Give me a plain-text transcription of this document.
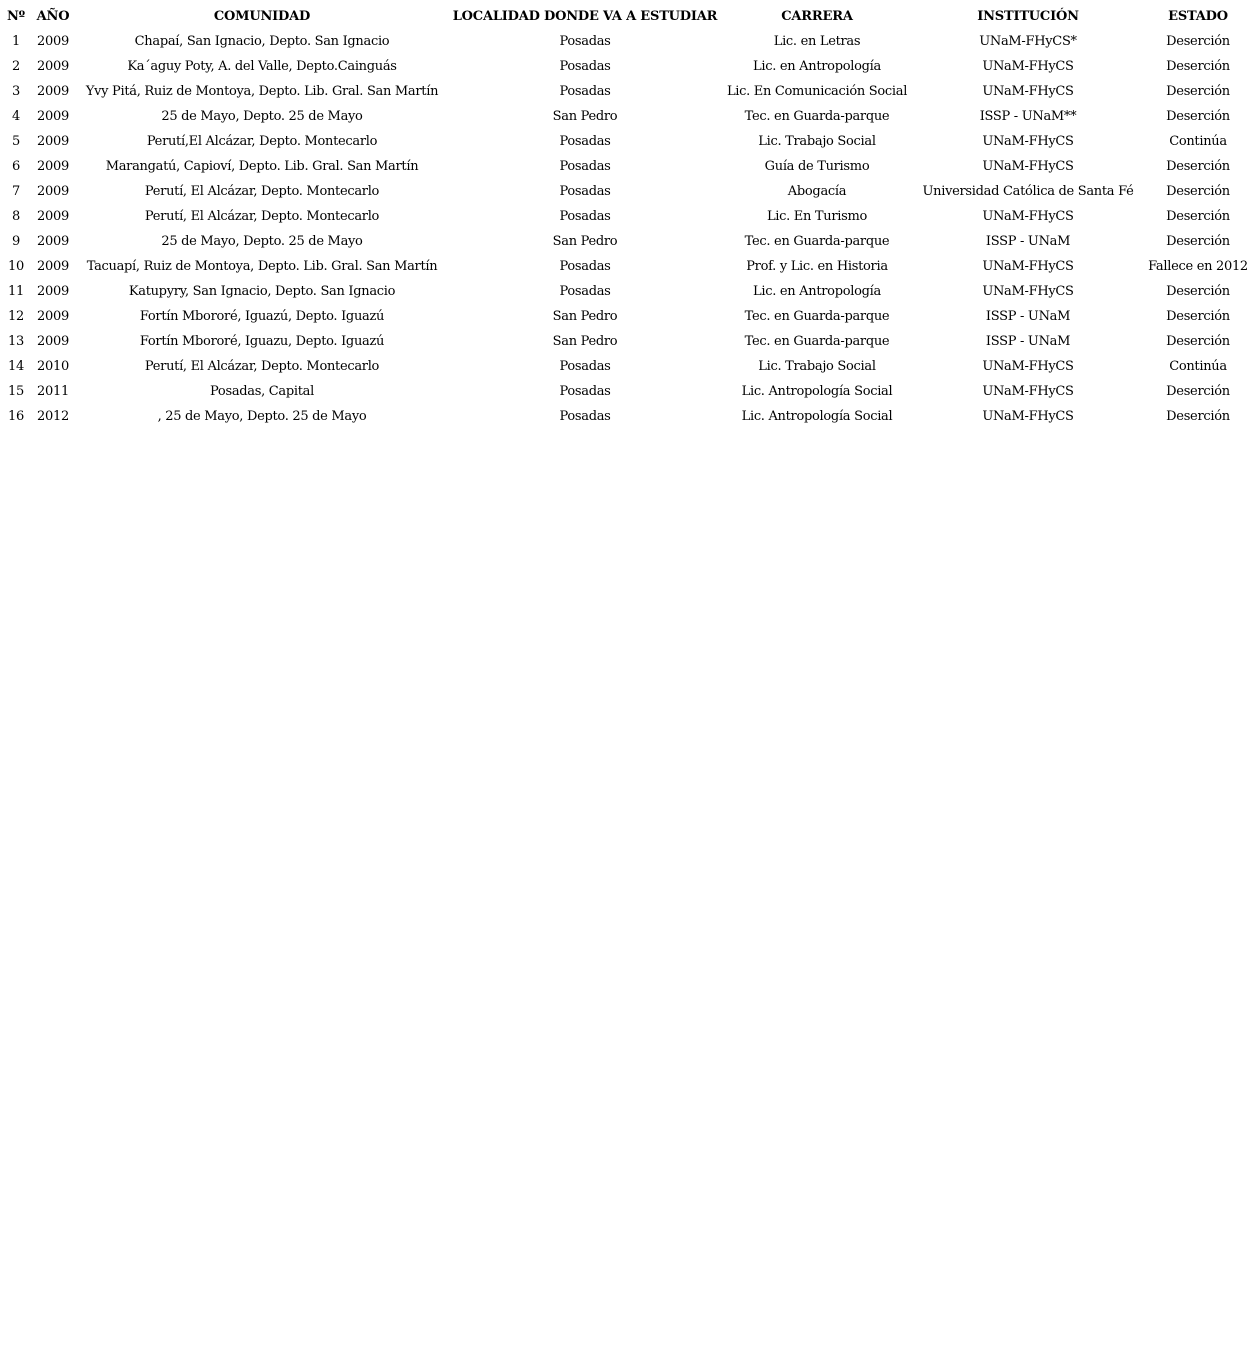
Nº	AÑO	COMUNIDAD	LOCALIDAD DONDE VA A ESTUDIAR	CARRERA	INSTITUCIÓN	ESTADO
1	2009	Chapaí, San Ignacio, Depto. San Ignacio	Posadas	Lic. en Letras	UNaM-FHyCS*	Deserción
2	2009	Ka´aguy Poty, A. del Valle, Depto.Cainguás	Posadas	Lic. en Antropología	UNaM-FHyCS	Deserción
3	2009	Yvy Pitá, Ruiz de Montoya, Depto. Lib. Gral. San Martín	Posadas	Lic. En Comunicación Social	UNaM-FHyCS	Deserción
4	2009	25 de Mayo, Depto. 25 de Mayo	San Pedro	Tec. en Guarda-parque	ISSP - UNaM**	Deserción
5	2009	Perutí,El Alcázar, Depto. Montecarlo	Posadas	Lic. Trabajo Social	UNaM-FHyCS	Continúa
6	2009	Marangatú, Capioví, Depto. Lib. Gral. San Martín	Posadas	Guía de Turismo	UNaM-FHyCS	Deserción
7	2009	Perutí, El Alcázar, Depto. Montecarlo	Posadas	Abogacía	Universidad Católica de Santa Fé	Deserción
8	2009	Perutí, El Alcázar, Depto. Montecarlo	Posadas	Lic. En Turismo	UNaM-FHyCS	Deserción
9	2009	25 de Mayo, Depto. 25 de Mayo	San Pedro	Tec. en Guarda-parque	ISSP - UNaM	Deserción
10	2009	Tacuapí, Ruiz de Montoya, Depto. Lib. Gral. San Martín	Posadas	Prof. y Lic. en Historia	UNaM-FHyCS	Fallece en 2012
11	2009	Katupyry, San Ignacio, Depto. San Ignacio	Posadas	Lic. en Antropología	UNaM-FHyCS	Deserción
12	2009	Fortín Mbororé, Iguazú, Depto. Iguazú	San Pedro	Tec. en Guarda-parque	ISSP - UNaM	Deserción
13	2009	Fortín Mbororé, Iguazu, Depto. Iguazú	San Pedro	Tec. en Guarda-parque	ISSP - UNaM	Deserción
14	2010	Perutí, El Alcázar, Depto. Montecarlo	Posadas	Lic. Trabajo Social	UNaM-FHyCS	Continúa
15	2011	Posadas, Capital	Posadas	Lic. Antropología Social	UNaM-FHyCS	Deserción
16	2012	, 25 de Mayo, Depto. 25 de Mayo	Posadas	Lic. Antropología Social	UNaM-FHyCS	Deserción
